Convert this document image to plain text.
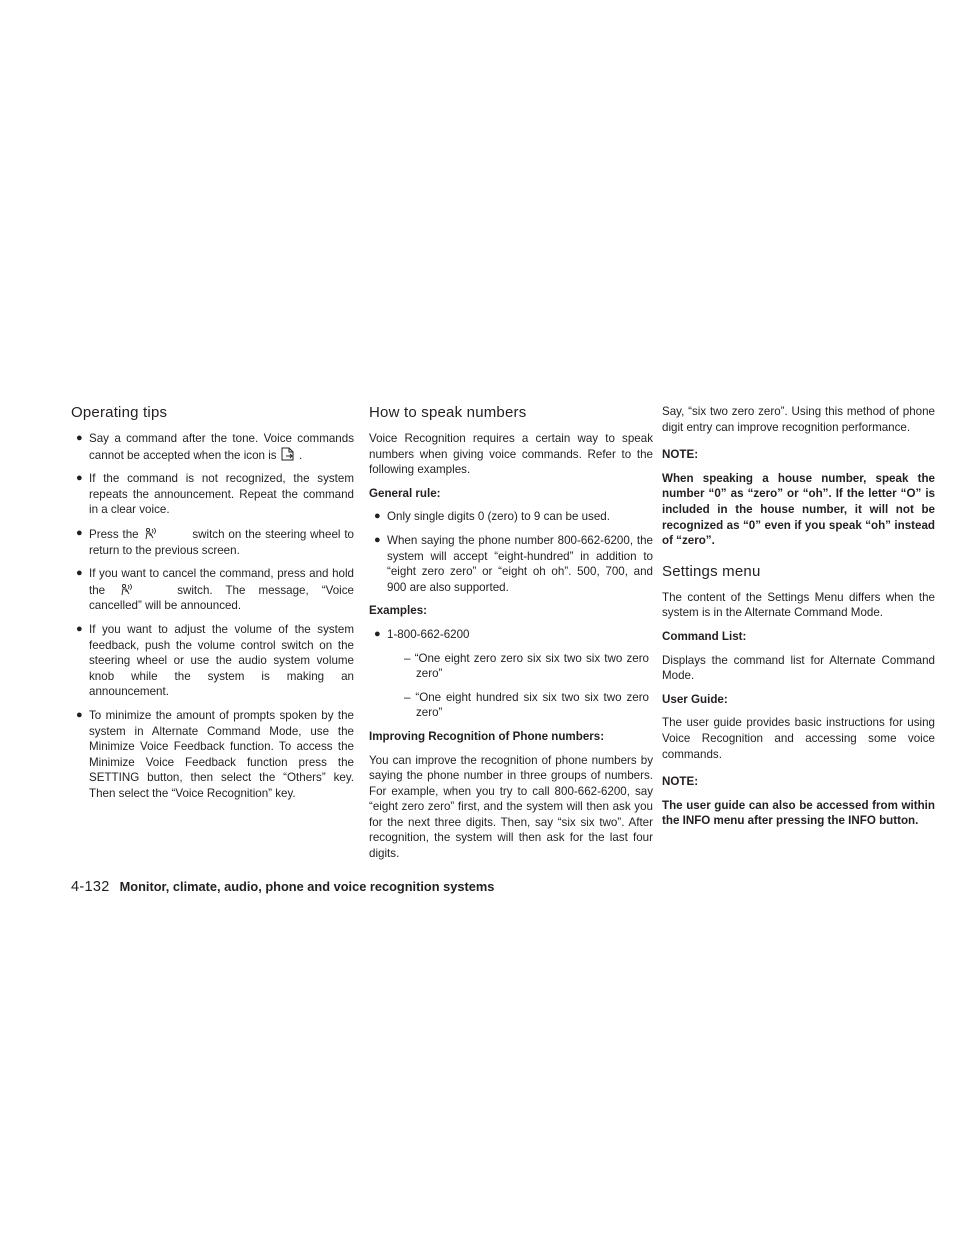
Operating tips
● Say a command after the tone. Voice commands cannot be accepted when the icon is .
● If the command is not recognized, the system repeats the announcement. Repeat the command in a clear voice.
● Press the	switch on the steering wheel to return to the previous screen.
● If you want to cancel the command, press and hold the	switch. The message, “Voice cancelled” will be announced.
● If you want to adjust the volume of the system feedback, push the volume control switch on the steering wheel or use the audio system volume knob while the system is making an announcement.
● To minimize the amount of prompts spoken by the system in Alternate Command Mode, use the Minimize Voice Feedback function. To access the Minimize Voice Feedback function press the SETTING button, then select the “Others” key. Then select the “Voice Recognition” key.
How to speak numbers

Voice Recognition requires a certain way to speak numbers when giving voice commands. Refer to the following examples.

General rule:

● Only single digits 0 (zero) to 9 can be used.
● When saying the phone number 800-662-6200, the system will accept “eight-hundred” in addition to “eight zero zero” or “eight oh oh”. 500, 700, and 900 are also supported.

Examples:

● 1-800-662-6200

– “One eight zero zero six six two six two zero zero”

– “One eight hundred six six two six two zero zero”

Improving Recognition of Phone numbers:

You can improve the recognition of phone numbers by saying the phone number in three groups of numbers. For example, when you try to call 800-662-6200, say “eight zero zero” first, and the system will then ask you for the next three digits. Then, say “six six two”. After recognition, the system will then ask for the last four digits.

Say, “six two zero zero”. Using this method of phone digit entry can improve recognition performance.

NOTE:

When speaking a house number, speak the number “0” as “zero” or “oh”. If the letter “O” is included in the house number, it will not be recognized as “0” even if you speak “oh” instead of “zero”.

Settings menu

The content of the Settings Menu differs when the system is in the Alternate Command Mode.

Command List:

Displays the command list for Alternate Command Mode.

User Guide:

The user guide provides basic instructions for using Voice Recognition and accessing some voice commands.

NOTE:

The user guide can also be accessed from within the INFO menu after pressing the INFO button.

4-132 Monitor, climate, audio, phone and voice recognition systems
